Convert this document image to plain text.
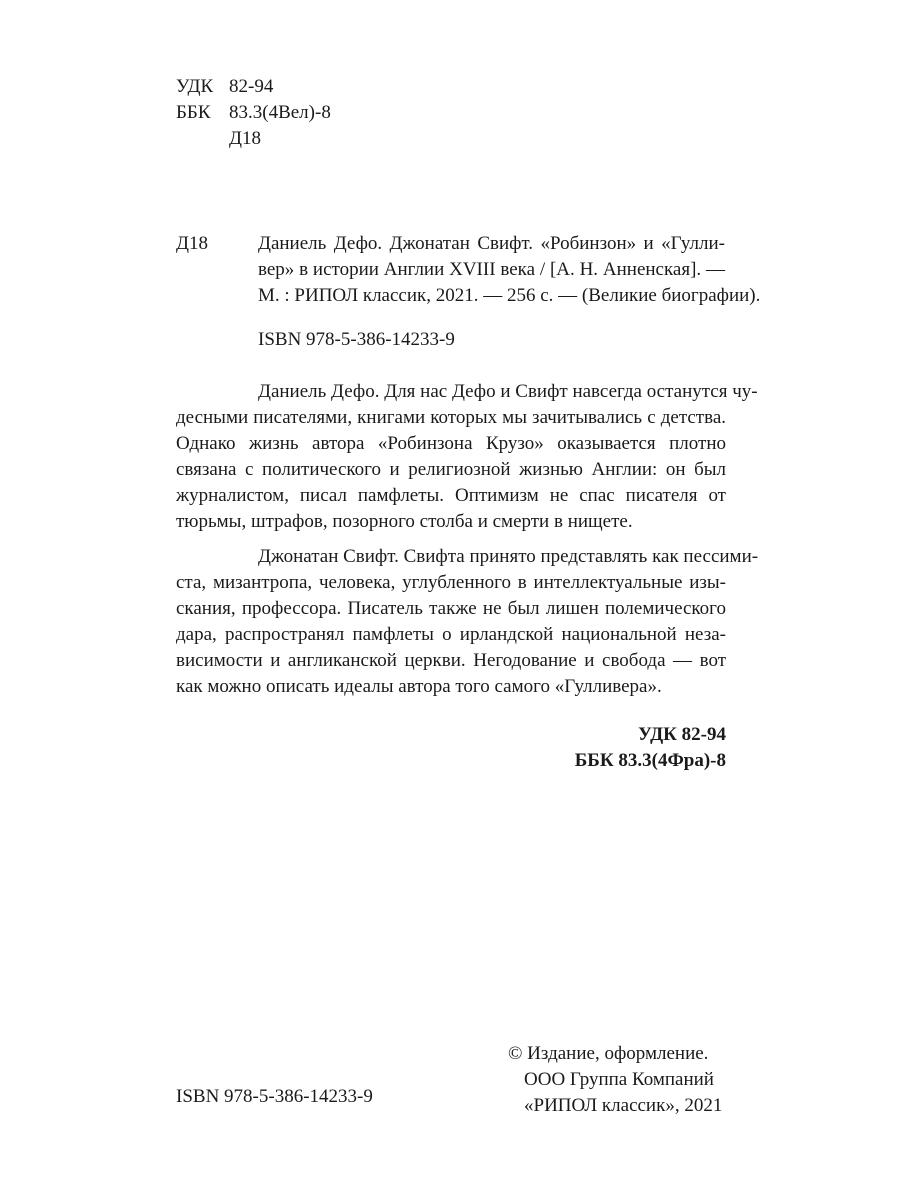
УДК 82-94
ББК 83.3(4Вел)-8
Д18
Д18	Даниель Дефо. Джонатан Свифт. «Робинзон» и «Гулли-
вер» в истории Англии XVIII века / [А. Н. Анненская]. —
М. : РИПОЛ классик, 2021. — 256 с. — (Великие биографии).
ISBN 978-5-386-14233-9
Даниель Дефо. Для нас Дефо и Свифт навсегда останутся чу-
десными писателями, книгами которых мы зачитывались с детства.
Однако жизнь автора «Робинзона Крузо» оказывается плотно
связана с политического и религиозной жизнью Англии: он был
журналистом, писал памфлеты. Оптимизм не спас писателя от
тюрьмы, штрафов, позорного столба и смерти в нищете.
Джонатан Свифт. Свифта принято представлять как пессими-
ста, мизантропа, человека, углубленного в интеллектуальные изы-
скания, профессора. Писатель также не был лишен полемического
дара, распространял памфлеты о ирландской национальной неза-
висимости и англиканской церкви. Негодование и свобода — вот
как можно описать идеалы автора того самого «Гулливера».
УДК 82-94
ББК 83.3(4Фра)-8
ISBN 978-5-386-14233-9
© Издание, оформление.
ООО Группа Компаний
«РИПОЛ классик», 2021
